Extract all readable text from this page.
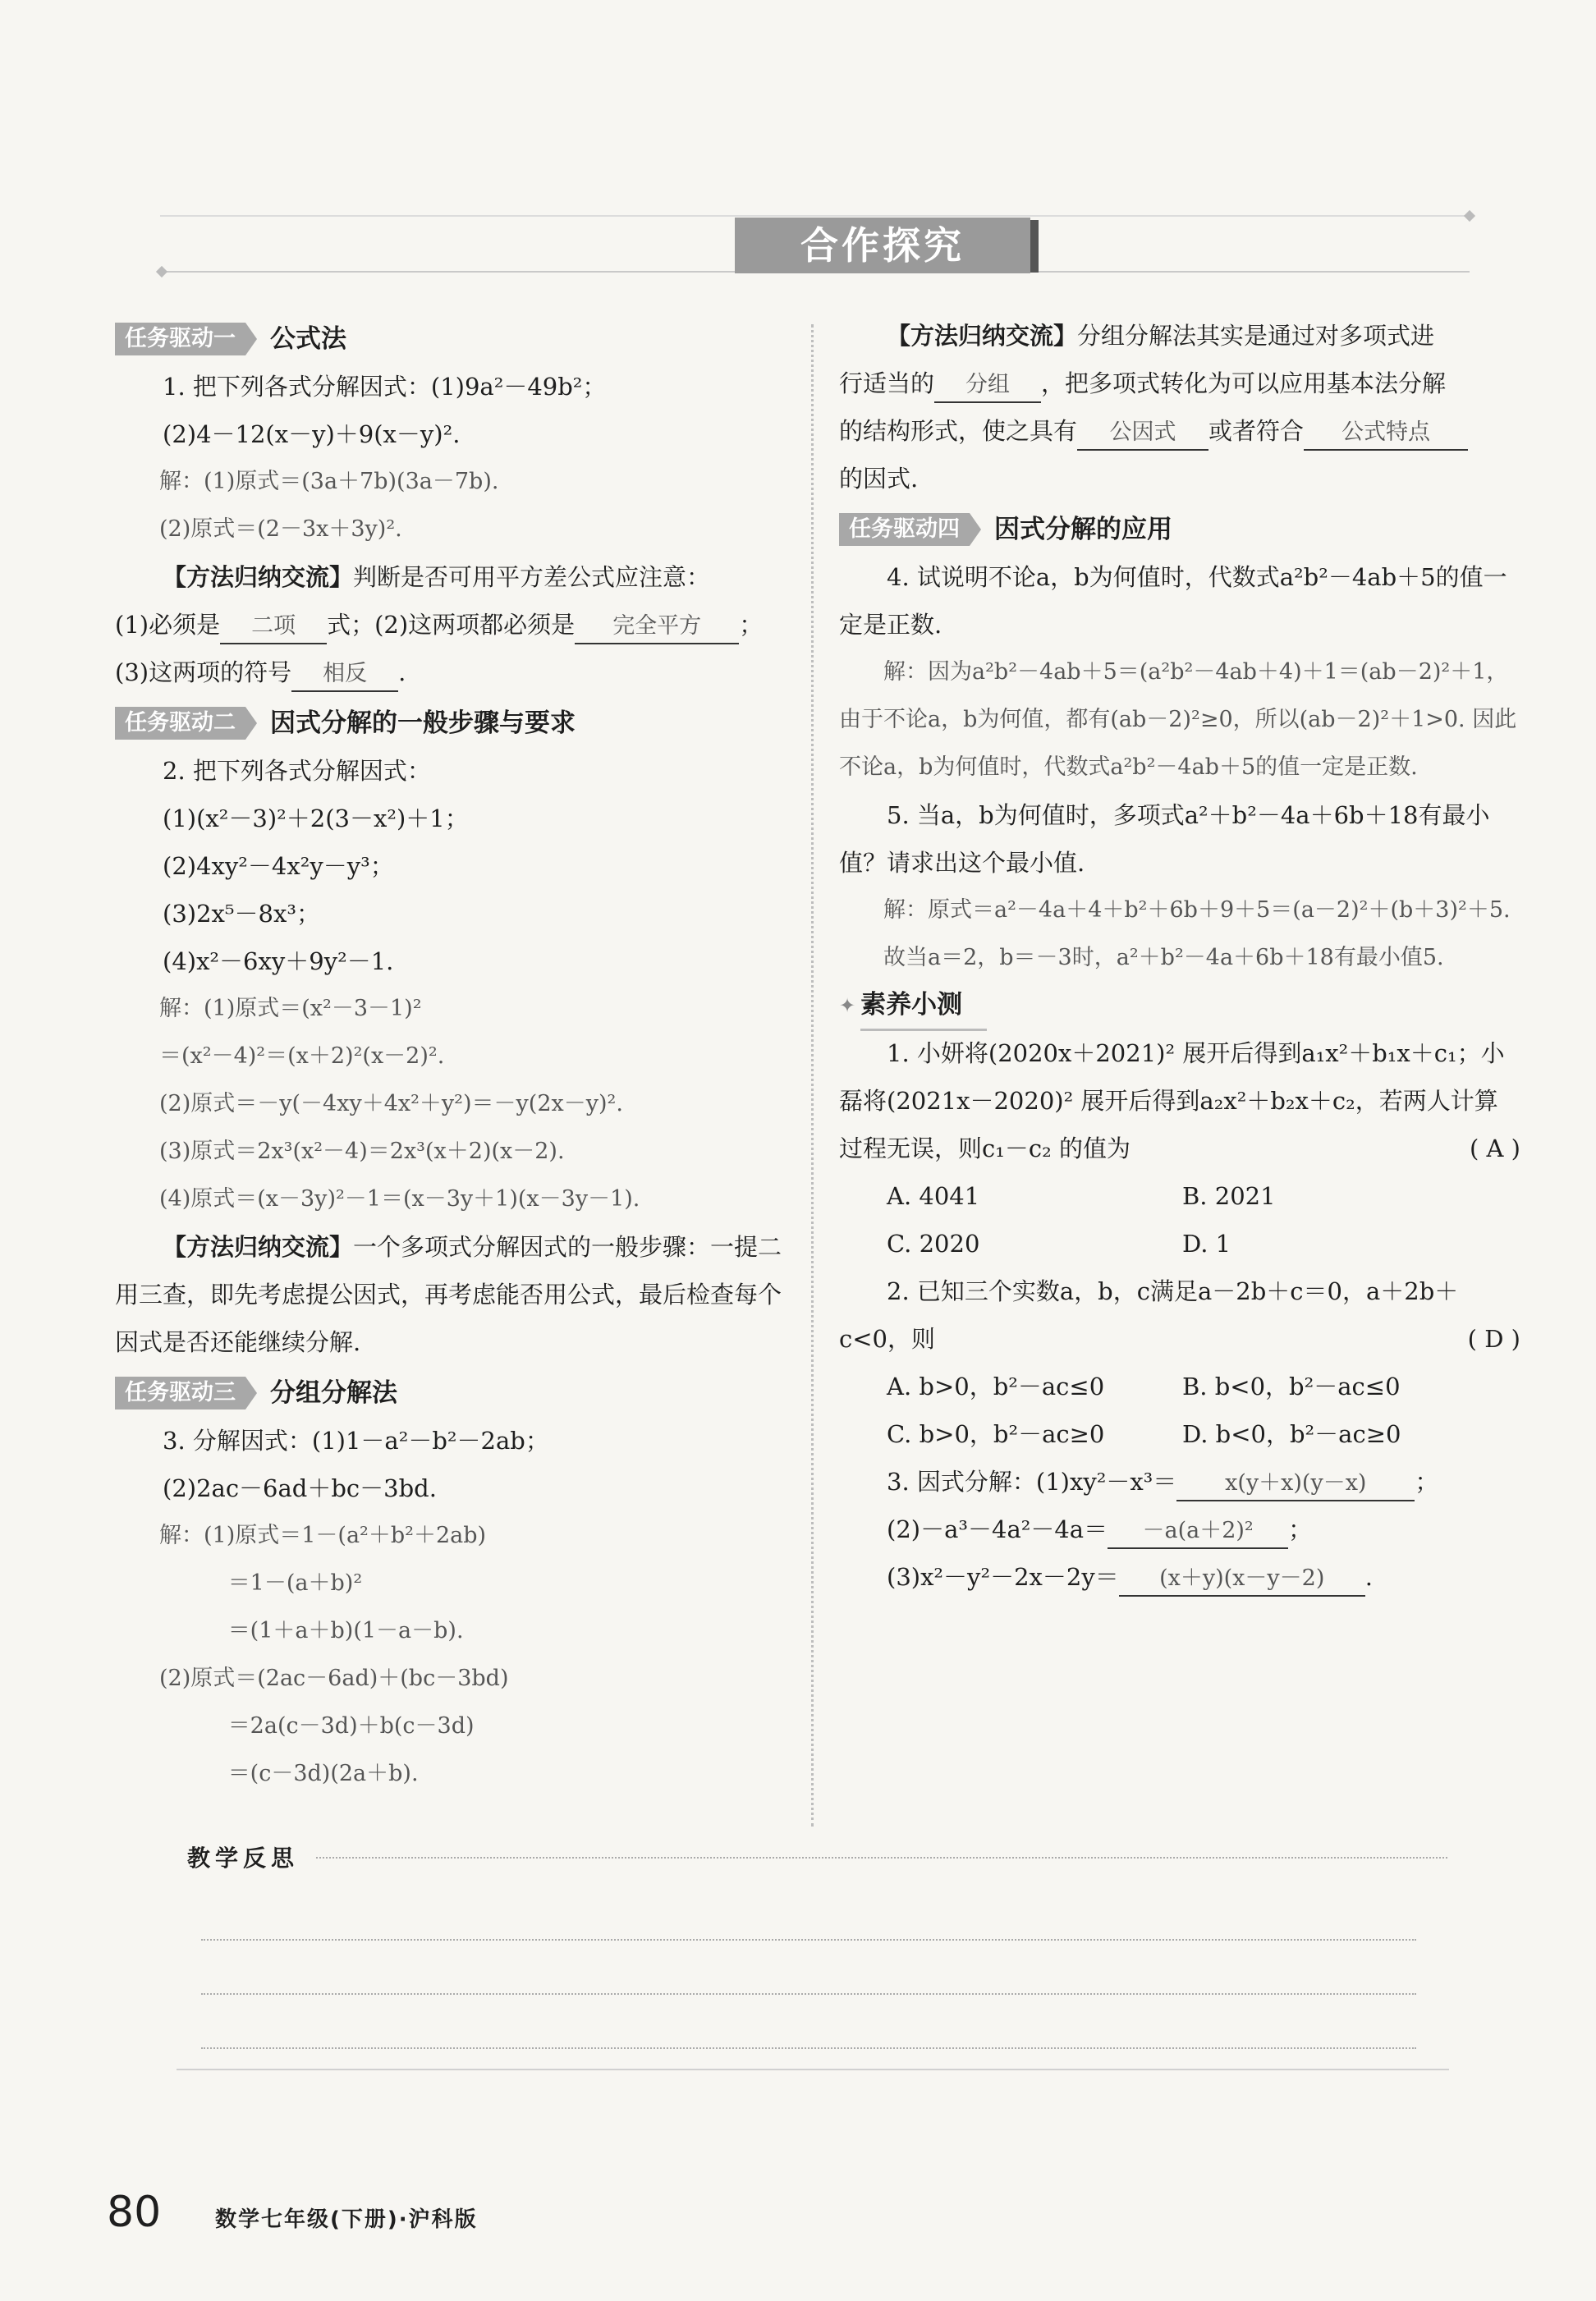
合作探究
任务驱动一	公式法

1. 把下列各式分解因式：(1)9a²－49b²；

(2)4－12(x－y)＋9(x－y)².

解：(1)原式＝(3a＋7b)(3a－7b).

(2)原式＝(2－3x＋3y)².

【方法归纳交流】判断是否可用平方差公式应注意：

(1)必须是 二项 式；(2)这两项都必须是 完全平方 ；

(3)这两项的符号 相反 .

任务驱动二	因式分解的一般步骤与要求

2. 把下列各式分解因式：

(1)(x²－3)²＋2(3－x²)＋1；

(2)4xy²－4x²y－y³；

(3)2x⁵－8x³；

(4)x²－6xy＋9y²－1.

解：(1)原式＝(x²－3－1)²

＝(x²－4)²＝(x＋2)²(x－2)².

(2)原式＝－y(－4xy＋4x²＋y²)＝－y(2x－y)².

(3)原式＝2x³(x²－4)＝2x³(x＋2)(x－2).

(4)原式＝(x－3y)²－1＝(x－3y＋1)(x－3y－1).

【方法归纳交流】一个多项式分解因式的一般步骤：一提二用三查，即先考虑提公因式，再考虑能否用公式，最后检查每个因式是否还能继续分解.

任务驱动三	分组分解法

3. 分解因式：(1)1－a²－b²－2ab；

(2)2ac－6ad＋bc－3bd.

解：(1)原式＝1－(a²＋b²＋2ab)

＝1－(a＋b)²

＝(1＋a＋b)(1－a－b).

(2)原式＝(2ac－6ad)＋(bc－3bd)

＝2a(c－3d)＋b(c－3d)

＝(c－3d)(2a＋b).

【方法归纳交流】分组分解法其实是通过对多项式进

行适当的 分组 ，把多项式转化为可以应用基本法分解

的结构形式，使之具有 公因式 或者符合 公式特点

的因式.

任务驱动四	因式分解的应用

4. 试说明不论a，b为何值时，代数式a²b²－4ab＋5的值一定是正数.

解：因为a²b²－4ab＋5＝(a²b²－4ab＋4)＋1＝(ab－2)²＋1，由于不论a，b为何值，都有(ab－2)²≥0，所以(ab－2)²＋1>0. 因此不论a，b为何值时，代数式a²b²－4ab＋5的值一定是正数.

5. 当a，b为何值时，多项式a²＋b²－4a＋6b＋18有最小值？请求出这个最小值.

解：原式＝a²－4a＋4＋b²＋6b＋9＋5＝(a－2)²＋(b＋3)²＋5.

故当a＝2，b＝－3时，a²＋b²－4a＋6b＋18有最小值5.

✦ 素养小测

1. 小妍将(2020x＋2021)² 展开后得到a₁x²＋b₁x＋c₁；小磊将(2021x－2020)² 展开后得到a₂x²＋b₂x＋c₂，若两人计算过程无误，则c₁－c₂ 的值为	( A )

A. 4041	B. 2021
C. 2020	D. 1

2. 已知三个实数a，b，c满足a－2b＋c＝0，a＋2b＋c<0，则	( D )

A. b>0，b²－ac≤0	B. b<0，b²－ac≤0
C. b>0，b²－ac≥0	D. b<0，b²－ac≥0

3. 因式分解：(1)xy²－x³＝ x(y＋x)(y－x) ；

(2)－a³－4a²－4a＝ －a(a＋2)² ；

(3)x²－y²－2x－2y＝ (x＋y)(x－y－2) .

教学反思
80	数学七年级(下册)·沪科版
